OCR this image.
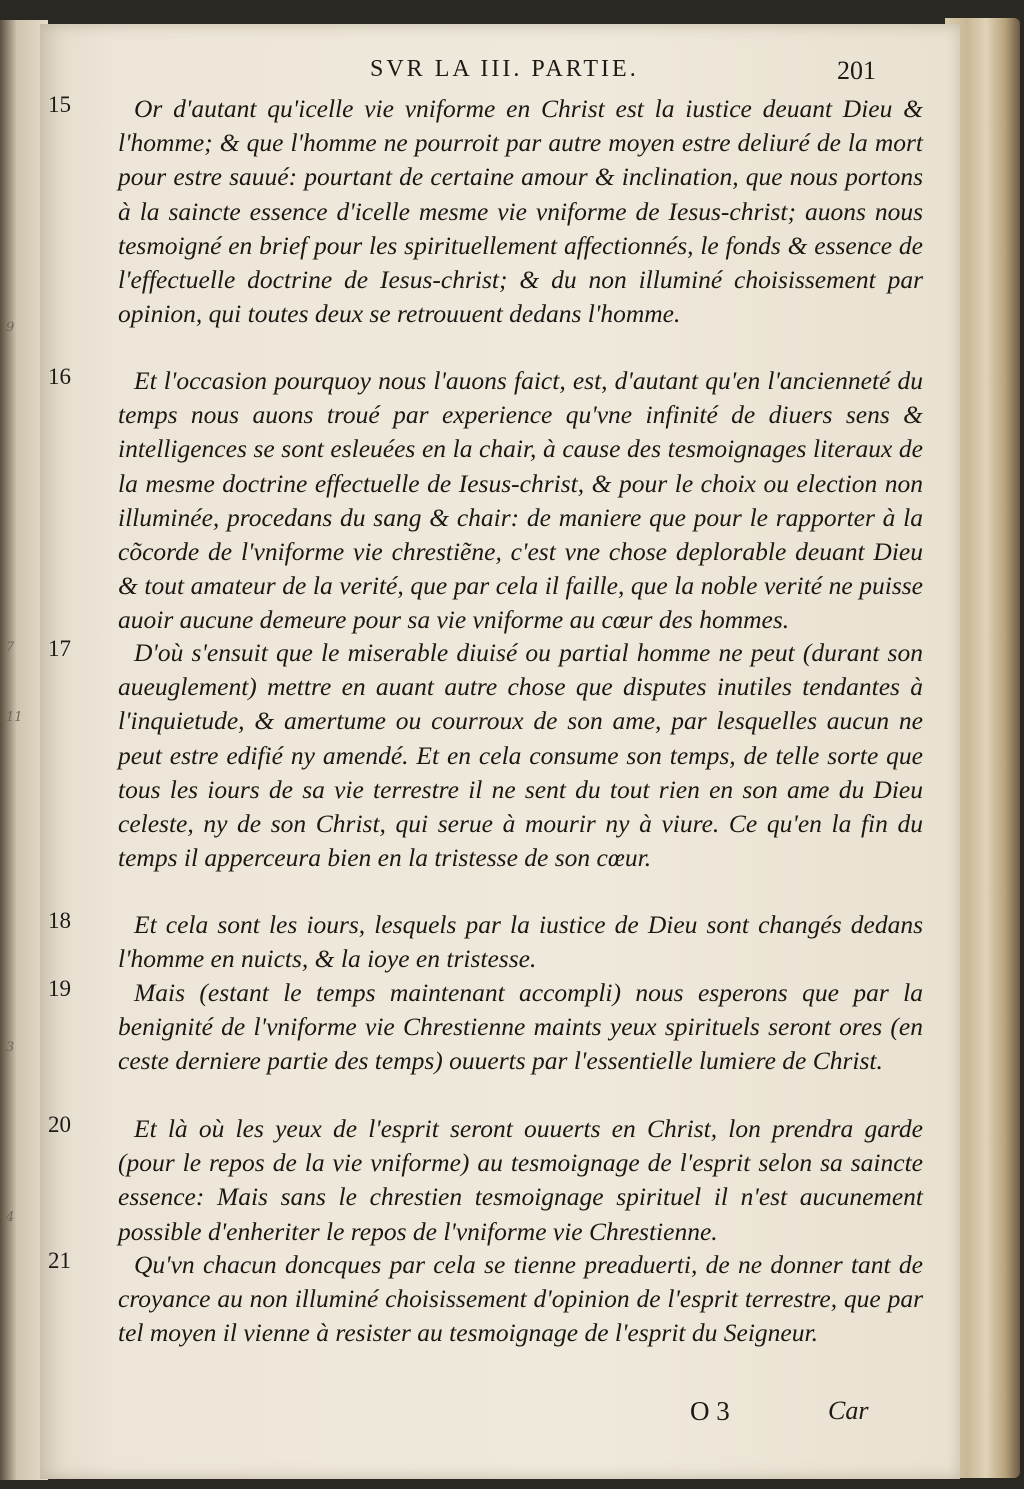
9
7
11
3
4
SVR LA III. PARTIE.	201
15	Or d'autant qu'icelle vie vniforme en Christ est la iustice deuant Dieu & l'homme; & que l'homme ne pourroit par autre moyen estre deliuré de la mort pour estre sauué: pourtant de certaine amour & inclination, que nous portons à la saincte essence d'icelle mesme vie vniforme de Iesus-christ; auons nous tesmoigné en brief pour les spirituellement affectionnés, le fonds & essence de l'effectuelle doctrine de Iesus-christ; & du non illuminé choisissement par opinion, qui toutes deux se retrouuent dedans l'homme.

16	Et l'occasion pourquoy nous l'auons faict, est, d'autant qu'en l'ancienneté du temps nous auons troué par experience qu'vne infinité de diuers sens & intelligences se sont esleuées en la chair, à cause des tesmoignages literaux de la mesme doctrine effectuelle de Iesus-christ, & pour le choix ou election non illuminée, procedans du sang & chair: de maniere que pour le rapporter à la cõcorde de l'vniforme vie chrestiẽne, c'est vne chose deplorable deuant Dieu & tout amateur de la verité, que par cela il faille, que la noble verité ne puisse auoir aucune demeure pour sa vie vniforme au cœur des hommes.

17	D'où s'ensuit que le miserable diuisé ou partial homme ne peut (durant son aueuglement) mettre en auant autre chose que disputes inutiles tendantes à l'inquietude, & amertume ou courroux de son ame, par lesquelles aucun ne peut estre edifié ny amendé. Et en cela consume son temps, de telle sorte que tous les iours de sa vie terrestre il ne sent du tout rien en son ame du Dieu celeste, ny de son Christ, qui serue à mourir ny à viure. Ce qu'en la fin du temps il apperceura bien en la tristesse de son cœur.

18	Et cela sont les iours, lesquels par la iustice de Dieu sont changés dedans l'homme en nuicts, & la ioye en tristesse.

19	Mais (estant le temps maintenant accompli) nous esperons que par la benignité de l'vniforme vie Chrestienne maints yeux spirituels seront ores (en ceste derniere partie des temps) ouuerts par l'essentielle lumiere de Christ.

20	Et là où les yeux de l'esprit seront ouuerts en Christ, lon prendra garde (pour le repos de la vie vniforme) au tesmoignage de l'esprit selon sa saincte essence: Mais sans le chrestien tesmoignage spirituel il n'est aucunement possible d'enheriter le repos de l'vniforme vie Chrestienne.

21	Qu'vn chacun doncques par cela se tienne preaduerti, de ne donner tant de croyance au non illuminé choisissement d'opinion de l'esprit terrestre, que par tel moyen il vienne à resister au tesmoignage de l'esprit du Seigneur.

O 3	Car
